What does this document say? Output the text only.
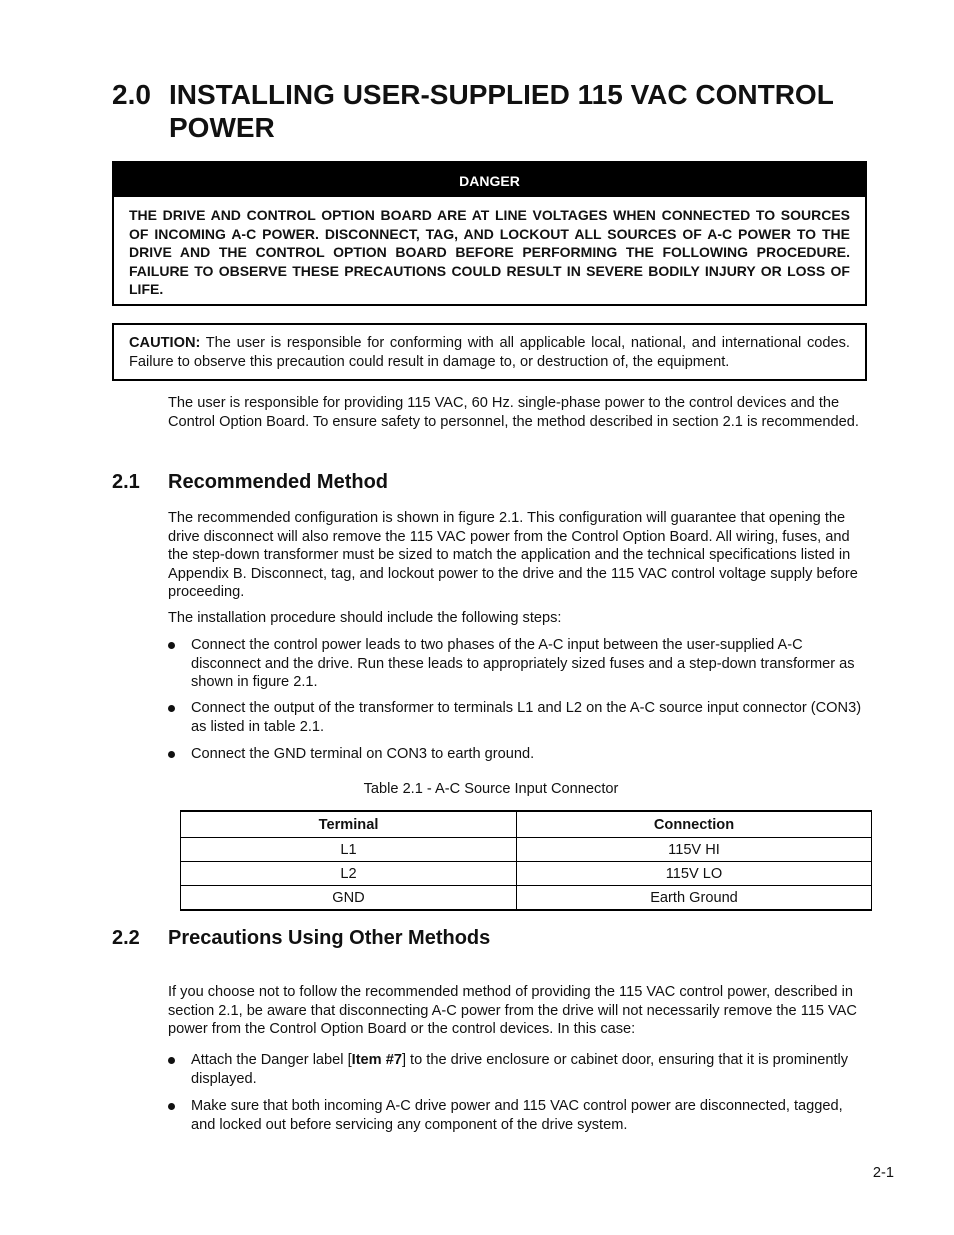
2.0 INSTALLING USER-SUPPLIED 115 VAC CONTROL POWER
DANGER
THE DRIVE AND CONTROL OPTION BOARD ARE AT LINE VOLTAGES WHEN CONNECTED TO SOURCES OF INCOMING A-C POWER. DISCONNECT, TAG, AND LOCKOUT ALL SOURCES OF A-C POWER TO THE DRIVE AND THE CONTROL OPTION BOARD BEFORE PERFORMING THE FOLLOWING PROCEDURE. FAILURE TO OBSERVE THESE PRECAUTIONS COULD RESULT IN SEVERE BODILY INJURY OR LOSS OF LIFE.
CAUTION: The user is responsible for conforming with all applicable local, national, and international codes. Failure to observe this precaution could result in damage to, or destruction of, the equipment.
The user is responsible for providing 115 VAC, 60 Hz. single-phase power to the control devices and the Control Option Board. To ensure safety to personnel, the method described in section 2.1 is recommended.
2.1 Recommended Method
The recommended configuration is shown in figure 2.1. This configuration will guarantee that opening the drive disconnect will also remove the 115 VAC power from the Control Option Board. All wiring, fuses, and the step-down transformer must be sized to match the application and the technical specifications listed in Appendix B. Disconnect, tag, and lockout power to the drive and the 115 VAC control voltage supply before proceeding.
The installation procedure should include the following steps:
Connect the control power leads to two phases of the A-C input between the user-supplied A-C disconnect and the drive. Run these leads to appropriately sized fuses and a step-down transformer as shown in figure 2.1.
Connect the output of the transformer to terminals L1 and L2 on the A-C source input connector (CON3) as listed in table 2.1.
Connect the GND terminal on CON3 to earth ground.
Table 2.1 - A-C Source Input Connector
Terminal	Connection
L1	115V HI
L2	115V LO
GND	Earth Ground
2.2 Precautions Using Other Methods
If you choose not to follow the recommended method of providing the 115 VAC control power, described in section 2.1, be aware that disconnecting A-C power from the drive will not necessarily remove the 115 VAC power from the Control Option Board or the control devices. In this case:
Attach the Danger label [Item #7] to the drive enclosure or cabinet door, ensuring that it is prominently displayed.
Make sure that both incoming A-C drive power and 115 VAC control power are disconnected, tagged, and locked out before servicing any component of the drive system.
2-1
